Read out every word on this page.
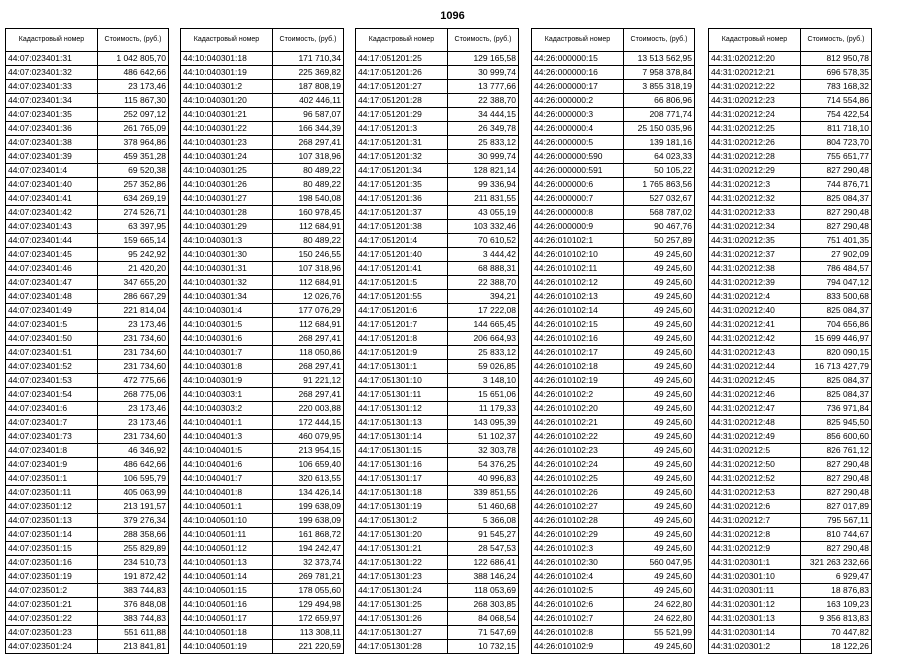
1096
Кадастровый номер	Стоимость, (руб.)
44:07:023401:31	1 042 805,70
44:07:023401:32	486 642,66
44:07:023401:33	23 173,46
44:07:023401:34	115 867,30
44:07:023401:35	252 097,12
44:07:023401:36	261 765,09
44:07:023401:38	378 964,86
44:07:023401:39	459 351,28
44:07:023401:4	69 520,38
44:07:023401:40	257 352,86
44:07:023401:41	634 269,19
44:07:023401:42	274 526,71
44:07:023401:43	63 397,95
44:07:023401:44	159 665,14
44:07:023401:45	95 242,92
44:07:023401:46	21 420,20
44:07:023401:47	347 655,20
44:07:023401:48	286 667,29
44:07:023401:49	221 814,04
44:07:023401:5	23 173,46
44:07:023401:50	231 734,60
44:07:023401:51	231 734,60
44:07:023401:52	231 734,60
44:07:023401:53	472 775,66
44:07:023401:54	268 775,06
44:07:023401:6	23 173,46
44:07:023401:7	23 173,46
44:07:023401:73	231 734,60
44:07:023401:8	46 346,92
44:07:023401:9	486 642,66
44:07:023501:1	106 595,79
44:07:023501:11	405 063,99
44:07:023501:12	213 191,57
44:07:023501:13	379 276,34
44:07:023501:14	288 358,66
44:07:023501:15	255 829,89
44:07:023501:16	234 510,73
44:07:023501:19	191 872,42
44:07:023501:2	383 744,83
44:07:023501:21	376 848,08
44:07:023501:22	383 744,83
44:07:023501:23	551 611,88
44:07:023501:24	213 841,81
Кадастровый номер	Стоимость, (руб.)
44:10:040301:18	171 710,34
44:10:040301:19	225 369,82
44:10:040301:2	187 808,19
44:10:040301:20	402 446,11
44:10:040301:21	96 587,07
44:10:040301:22	166 344,39
44:10:040301:23	268 297,41
44:10:040301:24	107 318,96
44:10:040301:25	80 489,22
44:10:040301:26	80 489,22
44:10:040301:27	198 540,08
44:10:040301:28	160 978,45
44:10:040301:29	112 684,91
44:10:040301:3	80 489,22
44:10:040301:30	150 246,55
44:10:040301:31	107 318,96
44:10:040301:32	112 684,91
44:10:040301:34	12 026,76
44:10:040301:4	177 076,29
44:10:040301:5	112 684,91
44:10:040301:6	268 297,41
44:10:040301:7	118 050,86
44:10:040301:8	268 297,41
44:10:040301:9	91 221,12
44:10:040303:1	268 297,41
44:10:040303:2	220 003,88
44:10:040401:1	172 444,15
44:10:040401:3	460 079,95
44:10:040401:5	213 954,15
44:10:040401:6	106 659,40
44:10:040401:7	320 613,55
44:10:040401:8	134 426,14
44:10:040501:1	199 638,09
44:10:040501:10	199 638,09
44:10:040501:11	161 868,72
44:10:040501:12	194 242,47
44:10:040501:13	32 373,74
44:10:040501:14	269 781,21
44:10:040501:15	178 055,60
44:10:040501:16	129 494,98
44:10:040501:17	172 659,97
44:10:040501:18	113 308,11
44:10:040501:19	221 220,59
Кадастровый номер	Стоимость, (руб.)
44:17:051201:25	129 165,58
44:17:051201:26	30 999,74
44:17:051201:27	13 777,66
44:17:051201:28	22 388,70
44:17:051201:29	34 444,15
44:17:051201:3	26 349,78
44:17:051201:31	25 833,12
44:17:051201:32	30 999,74
44:17:051201:34	128 821,14
44:17:051201:35	99 336,94
44:17:051201:36	211 831,55
44:17:051201:37	43 055,19
44:17:051201:38	103 332,46
44:17:051201:4	70 610,52
44:17:051201:40	3 444,42
44:17:051201:41	68 888,31
44:17:051201:5	22 388,70
44:17:051201:55	394,21
44:17:051201:6	17 222,08
44:17:051201:7	144 665,45
44:17:051201:8	206 664,93
44:17:051201:9	25 833,12
44:17:051301:1	59 026,85
44:17:051301:10	3 148,10
44:17:051301:11	15 651,06
44:17:051301:12	11 179,33
44:17:051301:13	143 095,39
44:17:051301:14	51 102,37
44:17:051301:15	32 303,78
44:17:051301:16	54 376,25
44:17:051301:17	40 996,83
44:17:051301:18	339 851,55
44:17:051301:19	51 460,68
44:17:051301:2	5 366,08
44:17:051301:20	91 545,27
44:17:051301:21	28 547,53
44:17:051301:22	122 686,41
44:17:051301:23	388 146,24
44:17:051301:24	118 053,69
44:17:051301:25	268 303,85
44:17:051301:26	84 068,54
44:17:051301:27	71 547,69
44:17:051301:28	10 732,15
Кадастровый номер	Стоимость, (руб.)
44:26:000000:15	13 513 562,95
44:26:000000:16	7 958 378,84
44:26:000000:17	3 855 318,19
44:26:000000:2	66 806,96
44:26:000000:3	208 771,74
44:26:000000:4	25 150 035,96
44:26:000000:5	139 181,16
44:26:000000:590	64 023,33
44:26:000000:591	50 105,22
44:26:000000:6	1 765 863,56
44:26:000000:7	527 032,67
44:26:000000:8	568 787,02
44:26:000000:9	90 467,76
44:26:010102:1	50 257,89
44:26:010102:10	49 245,60
44:26:010102:11	49 245,60
44:26:010102:12	49 245,60
44:26:010102:13	49 245,60
44:26:010102:14	49 245,60
44:26:010102:15	49 245,60
44:26:010102:16	49 245,60
44:26:010102:17	49 245,60
44:26:010102:18	49 245,60
44:26:010102:19	49 245,60
44:26:010102:2	49 245,60
44:26:010102:20	49 245,60
44:26:010102:21	49 245,60
44:26:010102:22	49 245,60
44:26:010102:23	49 245,60
44:26:010102:24	49 245,60
44:26:010102:25	49 245,60
44:26:010102:26	49 245,60
44:26:010102:27	49 245,60
44:26:010102:28	49 245,60
44:26:010102:29	49 245,60
44:26:010102:3	49 245,60
44:26:010102:30	560 047,95
44:26:010102:4	49 245,60
44:26:010102:5	49 245,60
44:26:010102:6	24 622,80
44:26:010102:7	24 622,80
44:26:010102:8	55 521,99
44:26:010102:9	49 245,60
Кадастровый номер	Стоимость, (руб.)
44:31:020212:20	812 950,78
44:31:020212:21	696 578,35
44:31:020212:22	783 168,32
44:31:020212:23	714 554,86
44:31:020212:24	754 422,54
44:31:020212:25	811 718,10
44:31:020212:26	804 723,70
44:31:020212:28	755 651,77
44:31:020212:29	827 290,48
44:31:020212:3	744 876,71
44:31:020212:32	825 084,37
44:31:020212:33	827 290,48
44:31:020212:34	827 290,48
44:31:020212:35	751 401,35
44:31:020212:37	27 902,09
44:31:020212:38	786 484,57
44:31:020212:39	794 047,12
44:31:020212:4	833 500,68
44:31:020212:40	825 084,37
44:31:020212:41	704 656,86
44:31:020212:42	15 699 446,97
44:31:020212:43	820 090,15
44:31:020212:44	16 713 427,79
44:31:020212:45	825 084,37
44:31:020212:46	825 084,37
44:31:020212:47	736 971,84
44:31:020212:48	825 945,50
44:31:020212:49	856 600,60
44:31:020212:5	826 761,12
44:31:020212:50	827 290,48
44:31:020212:52	827 290,48
44:31:020212:53	827 290,48
44:31:020212:6	827 017,89
44:31:020212:7	795 567,11
44:31:020212:8	810 744,67
44:31:020212:9	827 290,48
44:31:020301:1	321 263 232,66
44:31:020301:10	6 929,47
44:31:020301:11	18 876,83
44:31:020301:12	163 109,23
44:31:020301:13	9 356 813,83
44:31:020301:14	70 447,82
44:31:020301:2	18 122,26
